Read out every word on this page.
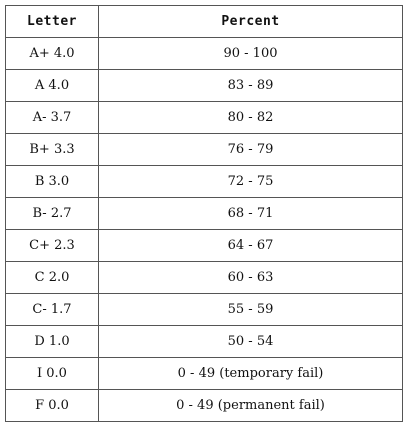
Letter	Percent
A+ 4.0	90 - 100
A 4.0	83 - 89
A- 3.7	80 - 82
B+ 3.3	76 - 79
B 3.0	72 - 75
B- 2.7	68 - 71
C+ 2.3	64 - 67
C 2.0	60 - 63
C- 1.7	55 - 59
D 1.0	50 - 54
I 0.0	0 - 49 (temporary fail)
F 0.0	0 - 49 (permanent fail)
